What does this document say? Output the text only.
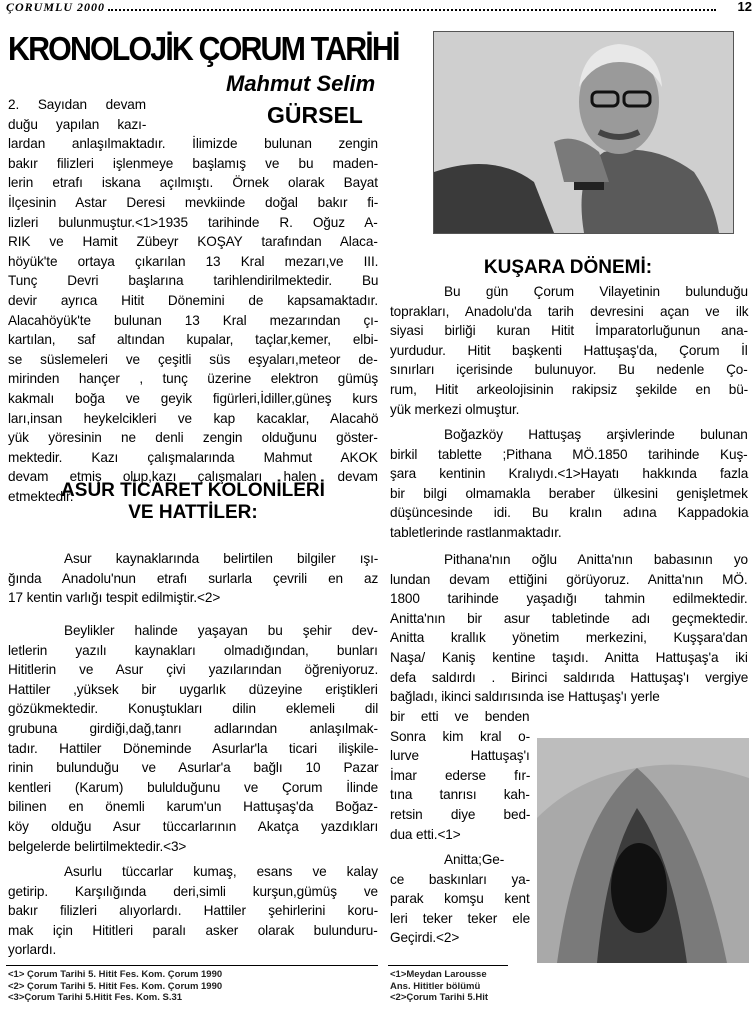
ÇORUMLU 2000	12
KRONOLOJİK ÇORUM TARİHİ
Mahmut Selim
GÜRSEL
2. Sayıdan devam
duğu yapılan kazı-
lardan anlaşılmaktadır. İlimizde bulunan zengin
bakır filizleri işlenmeye başlamış ve bu maden-
lerin etrafı iskana açılmıştı. Örnek olarak Bayat
İlçesinin Astar Deresi mevkiinde doğal bakır fi-
lizleri bulunmuştur.<1>1935 tarihinde R. Oğuz A-
RIK ve Hamit Zübeyr KOŞAY tarafından Alaca-
höyük'te ortaya çıkarılan 13 Kral mezarı,ve III.
Tunç Devri başlarına tarihlendirilmektedir. Bu
devir ayrıca Hitit Dönemini de kapsamaktadır.
Alacahöyük'te bulunan 13 Kral mezarından çı-
kartılan, saf altından kupalar, taçlar,kemer, elbi-
se süslemeleri ve çeşitli süs eşyaları,meteor de-
mirinden hançer , tunç üzerine elektron gümüş
kakmalı boğa ve geyik figürleri,İdiller,güneş kurs
ları,insan heykelcikleri ve kap kacaklar, Alacahö
yük yöresinin ne denli zengin olduğunu göster-
mektedir. Kazı çalışmalarında Mahmut AKOK
devam etmiş olup,kazı çalışmaları halen devam
etmektedir.
ASUR TİCARET KOLONİLERİ
VE HATTİLER:
Asur kaynaklarında belirtilen bilgiler ışı-
ğında Anadolu'nun etrafı surlarla çevrili en az
17 kentin varlığı tespit edilmiştir.<2>
Beylikler halinde yaşayan bu şehir dev-
letlerin yazılı kaynakları olmadığından, bunları
Hititlerin ve Asur çivi yazılarından öğreniyoruz.
Hattiler ,yüksek bir uygarlık düzeyine eriştikleri
gözükmektedir. Konuştukları dilin eklemeli dil
grubuna girdiği,dağ,tanrı adlarından anlaşılmak-
tadır. Hattiler Döneminde Asurlar'la ticari ilişkile-
rinin bulunduğu ve Asurlar'a bağlı 10 Pazar
kentleri (Karum) bululduğunu ve Çorum İlinde
bilinen en önemli karum'un Hattuşaş'da Boğaz-
köy olduğu Asur tüccarlarının Akatça yazdıkları
belgelerde belirtilmektedir.<3>
Asurlu tüccarlar kumaş, esans ve kalay
getirip. Karşılığında deri,simli kurşun,gümüş ve
bakır filizleri alıyorlardı. Hattiler şehirlerini koru-
mak için Hititleri paralı asker olarak bulunduru-
yorlardı.
KUŞARA DÖNEMİ:
Bu gün Çorum Vilayetinin bulunduğu
toprakları, Anadolu'da tarih devresini açan ve ilk
siyasi birliği kuran Hitit İmparatorluğunun ana-
yurdudur. Hitit başkenti Hattuşaş'da, Çorum İl
sınırları içerisinde bulunuyor. Bu nedenle Ço-
rum, Hitit arkeolojisinin rakipsiz şekilde en bü-
yük merkezi olmuştur.
Boğazköy Hattuşaş arşivlerinde bulunan
birkil tablette ;Pithana MÖ.1850 tarihinde Kuş-
şara kentinin Kralıydı.<1>Hayatı hakkında fazla
bir bilgi olmamakla beraber ülkesini genişletmek
düşüncesinde idi. Bu kralın adına Kappadokia
tabletlerinde rastlanmaktadır.
Pithana'nın oğlu Anitta'nın babasının yo
lundan devam ettiğini görüyoruz. Anitta'nın MÖ.
1800 tarihinde yaşadığı tahmin edilmektedir.
Anitta'nın bir asur tabletinde adı geçmektedir.
Anitta krallık yönetim merkezini, Kuşşara'dan
Naşa/ Kaniş kentine taşıdı. Anitta Hattuşaş'a iki
defa saldırdı . Birinci saldırıda Hattuşaş'ı vergiye
bağladı, ikinci saldırısında ise Hattuşaş'ı yerle
bir etti ve benden
Sonra kim kral o-
lurve Hattuşaş'ı
İmar ederse fır-
tına tanrısı kah-
retsin diye bed-
dua etti.<1>
Anitta;Ge-
ce baskınları ya-
parak komşu kent
leri teker teker ele
Geçirdi.<2>
<1> Çorum Tarihi 5. Hitit Fes. Kom. Çorum 1990
<2> Çorum Tarihi 5. Hitit Fes. Kom. Çorum 1990
<3>Çorum Tarihi 5.Hitit Fes. Kom. S.31
<1>Meydan Larousse
Ans. Hititler bölümü
<2>Çorum Tarihi 5.Hit
